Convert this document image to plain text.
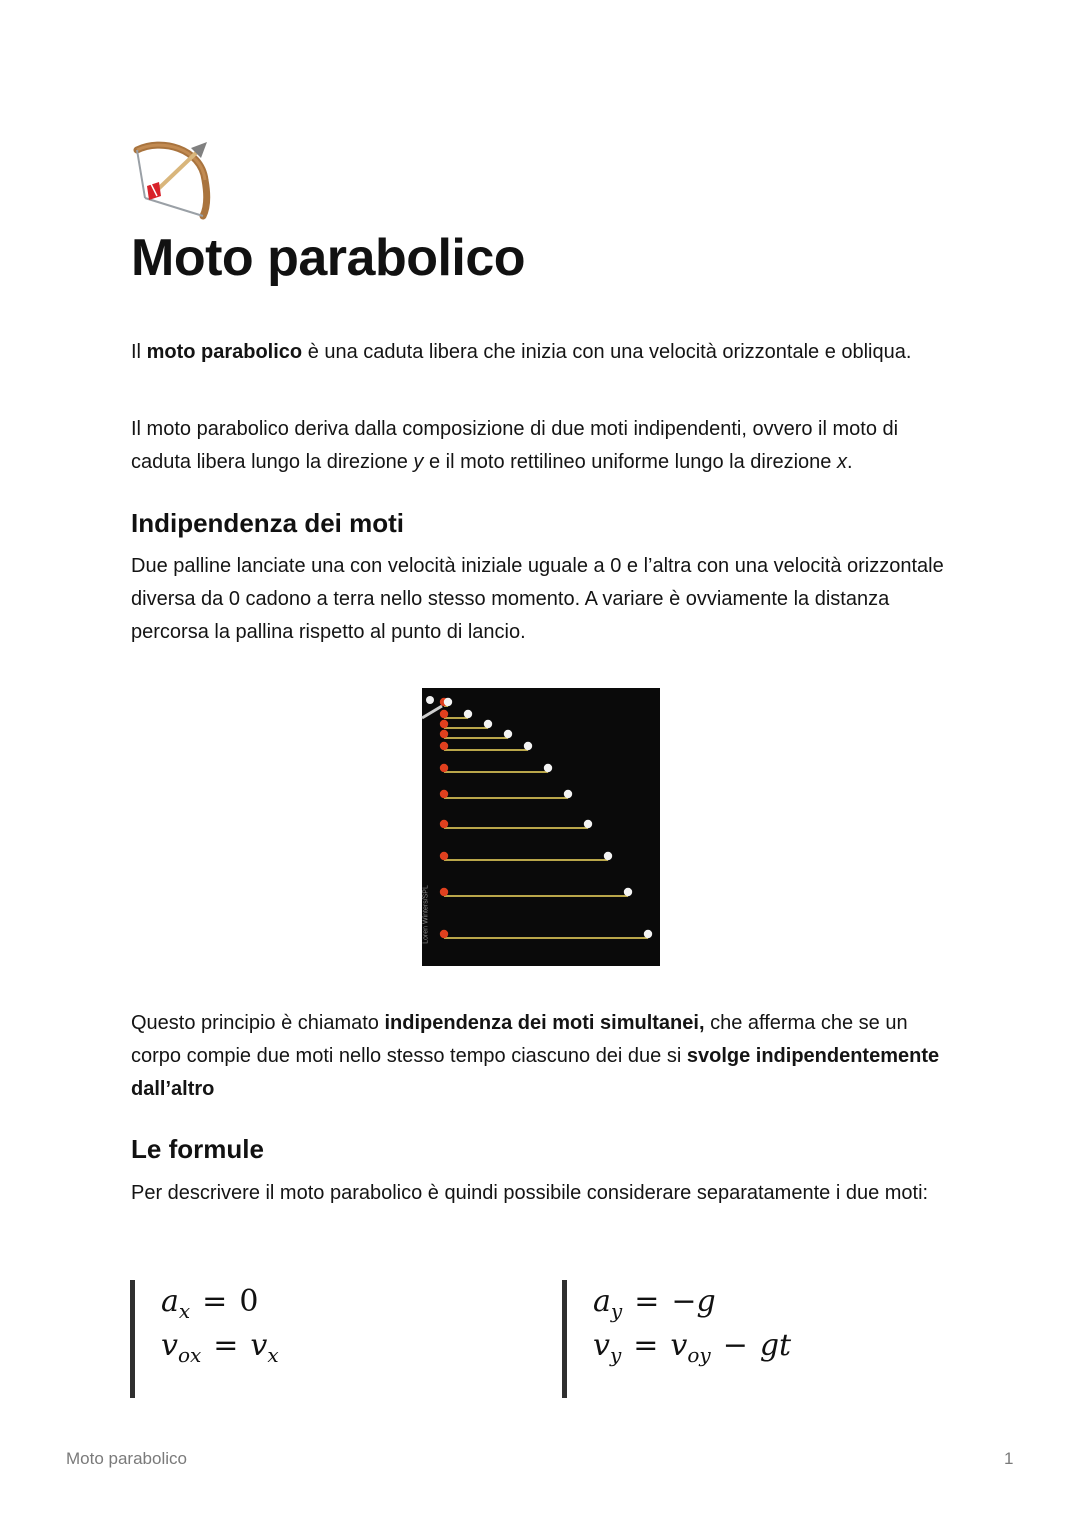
Moto parabolico

Il moto parabolico è una caduta libera che inizia con una velocità orizzontale e obliqua.

Il moto parabolico deriva dalla composizione di due moti indipendenti, ovvero il moto di caduta libera lungo la direzione y e il moto rettilineo uniforme lungo la direzione x.

Indipendenza dei moti

Due palline lanciate una con velocità iniziale uguale a 0 e l’altra con una velocità orizzontale diversa da 0 cadono a terra nello stesso momento. A variare è ovviamente la distanza percorsa la pallina rispetto al punto di lancio.

Loren Winters/SPL

Questo principio è chiamato indipendenza dei moti simultanei, che afferma che se un corpo compie due moti nello stesso tempo ciascuno dei due si svolge indipendentemente dall’altro

Le formule

Per descrivere il moto parabolico è quindi possibile considerare separatamente i due moti:

$a_x = 0$
$v_{ox} = v_x$
$a_y = -g$
$v_y = v_{oy}$ − gt
Moto parabolico	1
